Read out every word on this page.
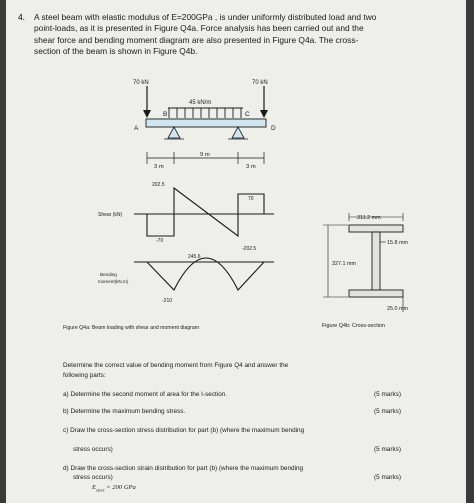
4. A steel beam with elastic modulus of E=200GPa , is under uniformly distributed load and two
point-loads, as it is presented in Figure Q4a. Force analysis has been carried out and the
shear force and bending moment diagram are also presented in Figure Q4a. The cross-
section of the beam is shown in Figure Q4b.
70 kN	70 kN
45 kN/m
A
B	C
D
3 m
9 m
3 m
Shear (kN)
202.5
70
-70
-202.5
Bending
moment(kN.m)
245.6
-210
311.2 mm
15.8 mm
327.1 mm
25.0 mm
Figure Q4b: Cross-section
Figure Q4a: Beam loading with shear and moment diagram
Determine the correct value of bending moment from Figure Q4 and answer the
following parts:
a) Determine the second moment of area for the I-section.	(5 marks)
b) Determine the maximum bending stress.	(5 marks)
c) Draw the cross-section stress distribution for part (b) (where the maximum bending
stress occurs)	(5 marks)
d) Draw the cross-section strain distribution for part (b) (where the maximum bending
stress occurs)	(5 marks)
$E_{steel} = 200$ GPa
